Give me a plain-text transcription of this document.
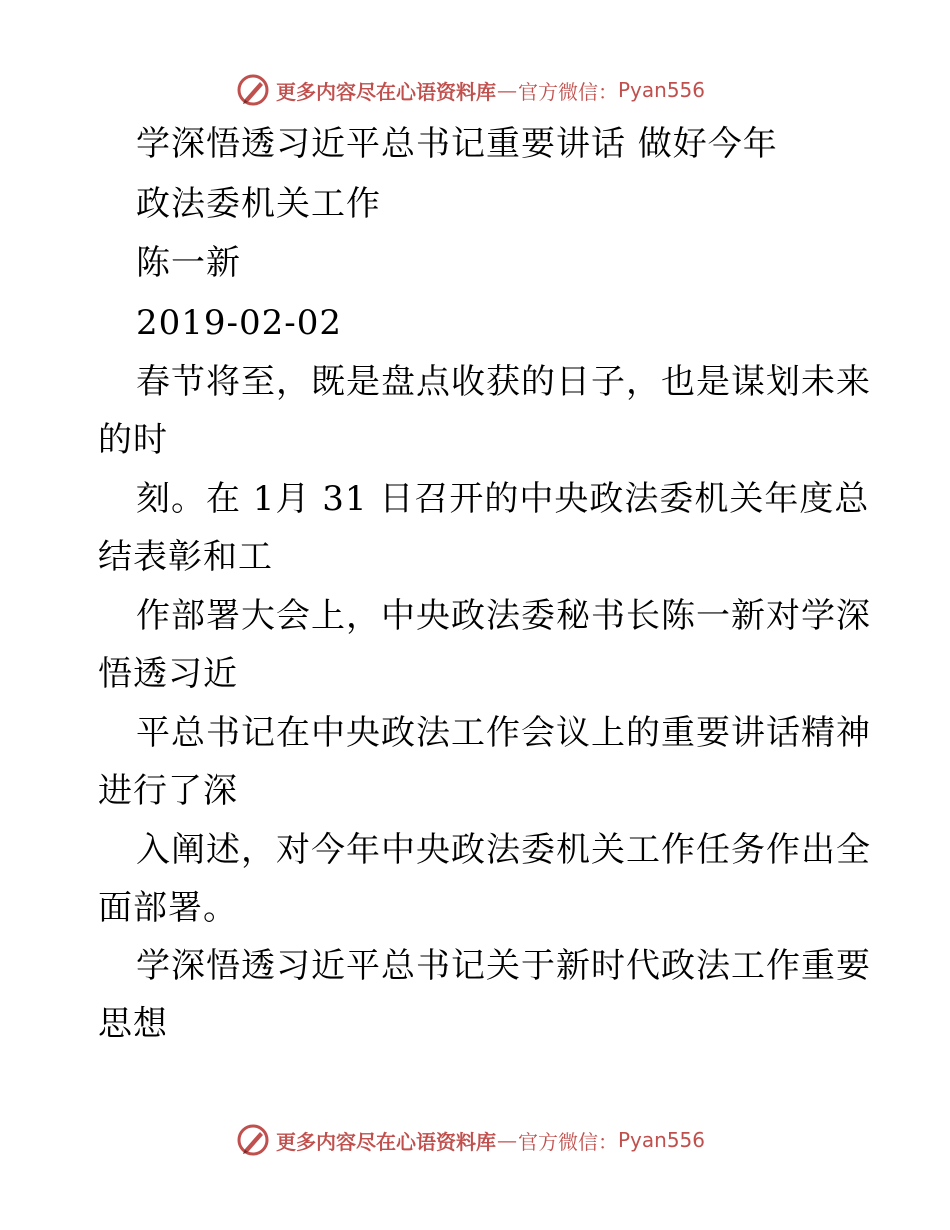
更多内容尽在心语资料库 — 官方微信： Pyan556
学深悟透习近平总书记重要讲话 做好今年
政法委机关工作
陈一新
2019-02-02
春节将至，既是盘点收获的日子，也是谋划未来
的时
刻。在 1月 31 日召开的中央政法委机关年度总
结表彰和工
作部署大会上，中央政法委秘书长陈一新对学深
悟透习近
平总书记在中央政法工作会议上的重要讲话精神
进行了深
入阐述，对今年中央政法委机关工作任务作出全
面部署。
学深悟透习近平总书记关于新时代政法工作重要
思想
更多内容尽在心语资料库 — 官方微信： Pyan556
